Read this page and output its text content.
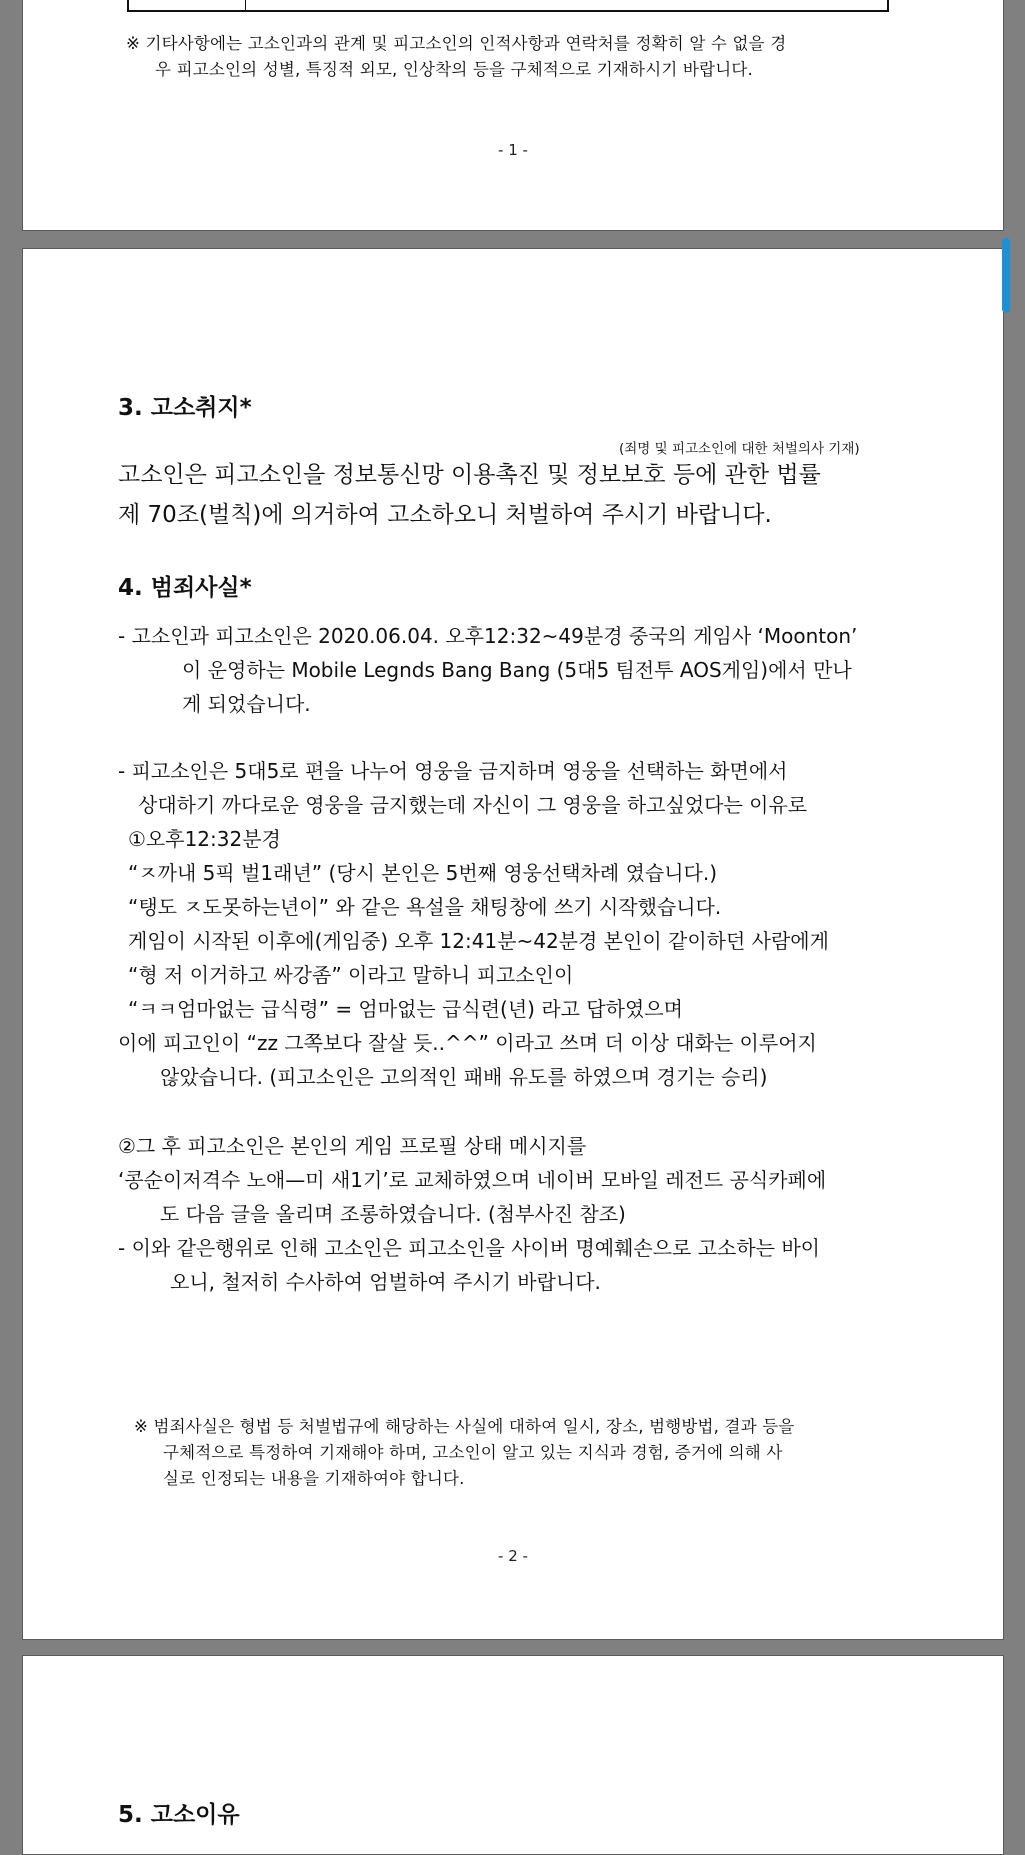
※ 기타사항에는 고소인과의 관계 및 피고소인의 인적사항과 연락처를 정확히 알 수 없을 경
우 피고소인의 성별, 특징적 외모, 인상착의 등을 구체적으로 기재하시기 바랍니다.
- 1 -
3. 고소취지*
(죄명 및 피고소인에 대한 처벌의사 기재)
고소인은 피고소인을 정보통신망 이용촉진 및 정보보호 등에 관한 법률
제 70조(벌칙)에 의거하여 고소하오니 처벌하여 주시기 바랍니다.
4. 범죄사실*
- 고소인과 피고소인은 2020.06.04. 오후12:32~49분경 중국의 게임사 ‘Moonton’
이 운영하는 Mobile Legnds Bang Bang (5대5 팀전투 AOS게임)에서 만나
게 되었습니다.
- 피고소인은 5대5로 편을 나누어 영웅을 금지하며 영웅을 선택하는 화면에서
상대하기 까다로운 영웅을 금지했는데 자신이 그 영웅을 하고싶었다는 이유로
①오후12:32분경
“ㅈ까내 5픽 벌1래년” (당시 본인은 5번째 영웅선택차례 였습니다.)
“탱도 ㅈ도못하는년이” 와 같은 욕설을 채팅창에 쓰기 시작했습니다.
게임이 시작된 이후에(게임중) 오후 12:41분~42분경 본인이 같이하던 사람에게
“형 저 이거하고 싸강좀” 이라고 말하니 피고소인이
“ㅋㅋ엄마없는 급식령” = 엄마없는 급식련(년) 라고 답하였으며
이에 피고인이 “zz 그쪽보다 잘살 듯..^^” 이라고 쓰며 더 이상 대화는 이루어지
않았습니다. (피고소인은 고의적인 패배 유도를 하였으며 경기는 승리)
②그 후 피고소인은 본인의 게임 프로필 상태 메시지를
‘콩순이저격수 노애—미 새1기’로 교체하였으며 네이버 모바일 레전드 공식카페에
도 다음 글을 올리며 조롱하였습니다. (첨부사진 참조)
- 이와 같은행위로 인해 고소인은 피고소인을 사이버 명예훼손으로 고소하는 바이
오니, 철저히 수사하여 엄벌하여 주시기 바랍니다.
※ 범죄사실은 형법 등 처벌법규에 해당하는 사실에 대하여 일시, 장소, 범행방법, 결과 등을
구체적으로 특정하여 기재해야 하며, 고소인이 알고 있는 지식과 경험, 증거에 의해 사
실로 인정되는 내용을 기재하여야 합니다.
- 2 -
5. 고소이유
